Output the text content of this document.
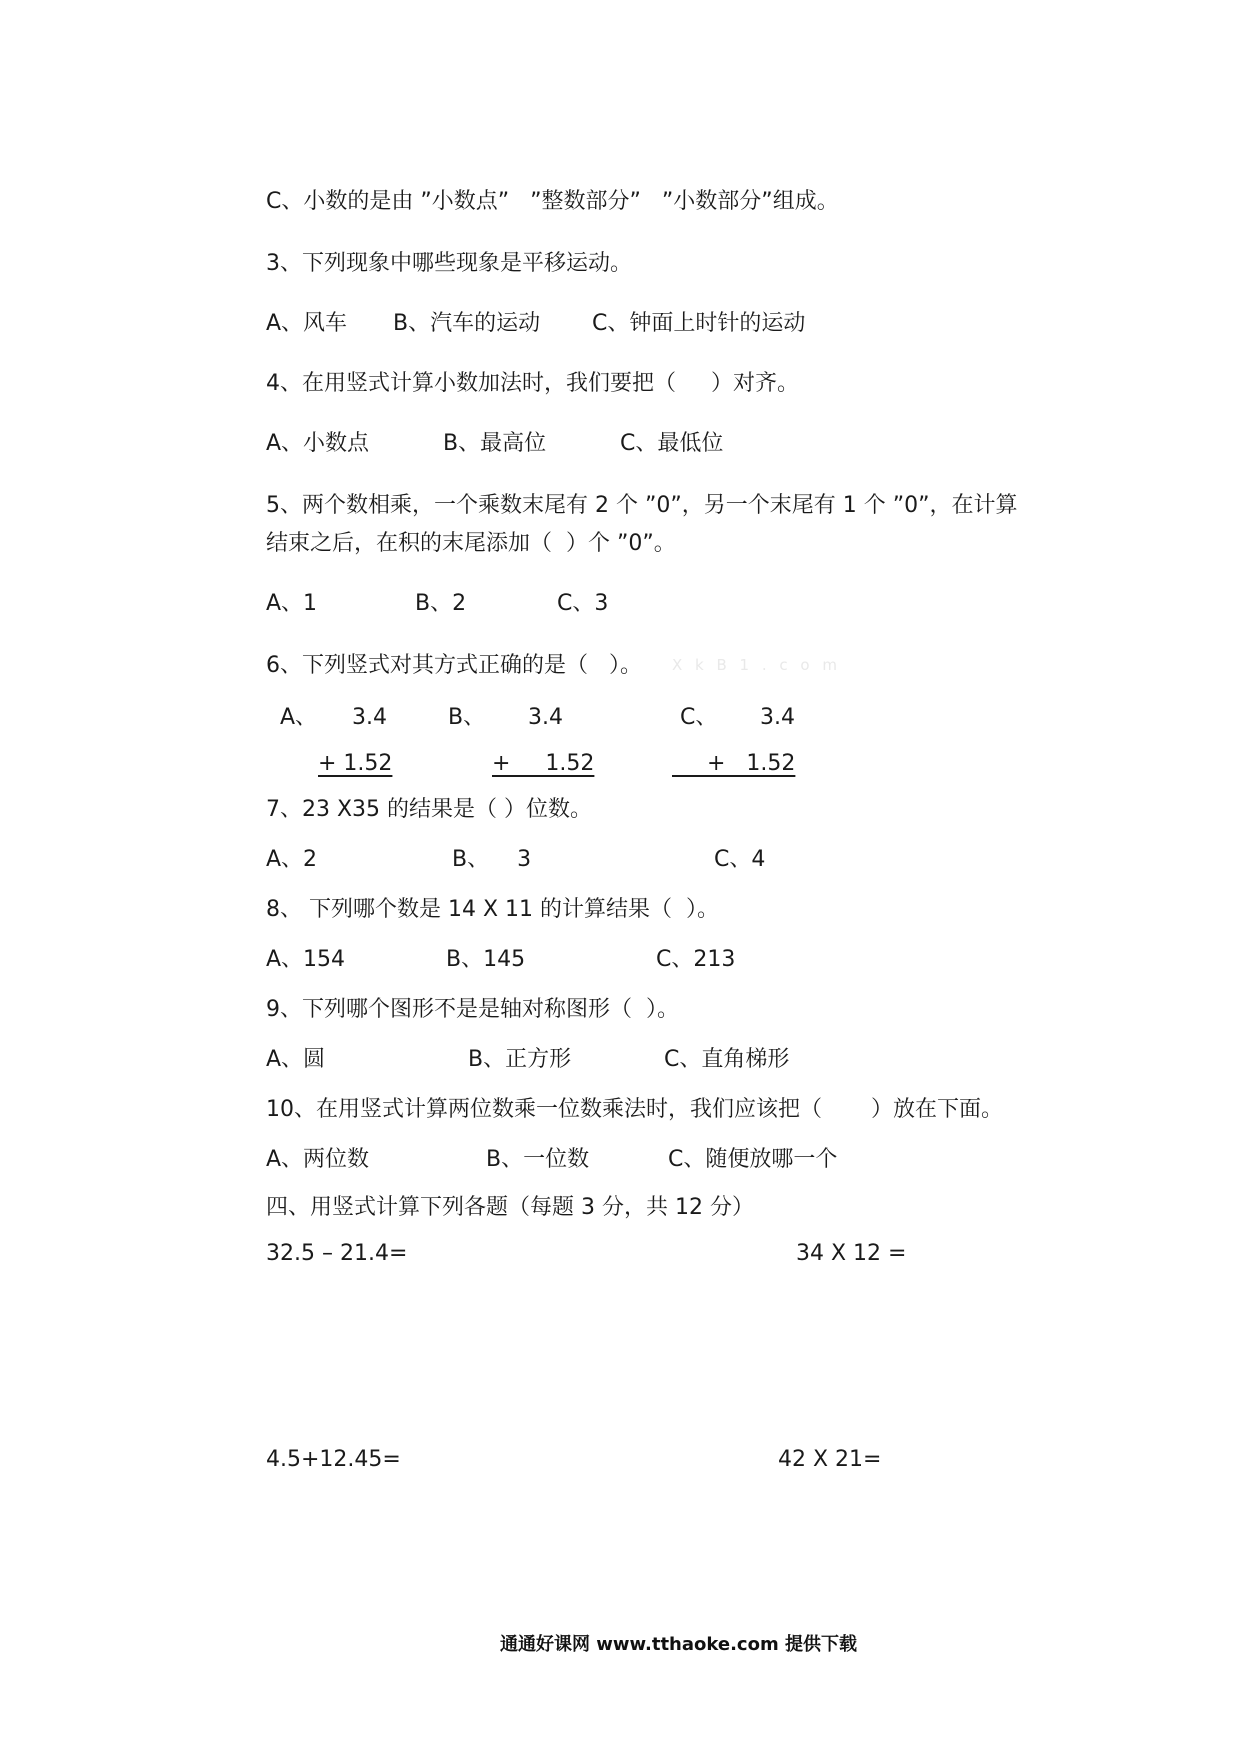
C、小数的是由 ”小数点”   ”整数部分”   ”小数部分”组成。
3、下列现象中哪些现象是平移运动。
A、风车 B、汽车的运动 C、钟面上时针的运动
4、在用竖式计算小数加法时，我们要把（     ）对齐。
A、小数点	B、最高位	C、最低位
5、两个数相乘，一个乘数末尾有 2 个 ”0”，另一个末尾有 1 个 ”0”，在计算
结束之后，在积的末尾添加（  ）个 ”0”。
A、1	B、2	C、3
6、下列竖式对其方式正确的是（   ）。 X k B 1 . c o m
A、 3.4
+ 1.52
B、 3.4
+     1.52
C、 3.4
+   1.52
7、23 X35 的结果是（ ）位数。
A、2	B、    3	C、4
8、 下列哪个数是 14 X 11 的计算结果（  ）。
A、154	B、145	C、213
9、下列哪个图形不是是轴对称图形（  ）。
A、圆	B、正方形	C、直角梯形
10、在用竖式计算两位数乘一位数乘法时，我们应该把（       ）放在下面。
A、两位数	B、一位数	C、随便放哪一个
四、用竖式计算下列各题（每题 3 分，共 12 分）
32.5 – 21.4=	34 X 12 =
4.5+12.45=	42 X 21=
通通好课网 www.tthaoke.com 提供下载
